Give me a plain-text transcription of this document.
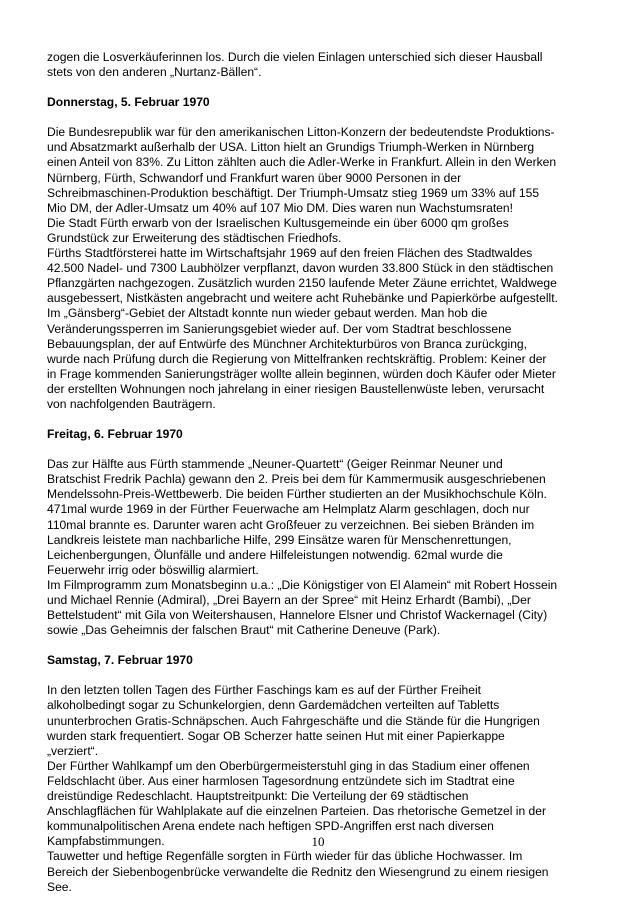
zogen die Losverkäuferinnen los. Durch die vielen Einlagen unterschied sich dieser Hausball
stets von den anderen „Nurtanz-Bällen“.

Donnerstag, 5. Februar 1970

Die Bundesrepublik war für den amerikanischen Litton-Konzern der bedeutendste Produktions-
und Absatzmarkt außerhalb der USA. Litton hielt an Grundigs Triumph-Werken in Nürnberg
einen Anteil von 83%. Zu Litton zählten auch die Adler-Werke in Frankfurt. Allein in den Werken
Nürnberg, Fürth, Schwandorf und Frankfurt waren über 9000 Personen in der
Schreibmaschinen-Produktion beschäftigt. Der Triumph-Umsatz stieg 1969 um 33% auf 155
Mio DM, der Adler-Umsatz um 40% auf 107 Mio DM. Dies waren nun Wachstumsraten!
Die Stadt Fürth erwarb von der Israelischen Kultusgemeinde ein über 6000 qm großes
Grundstück zur Erweiterung des städtischen Friedhofs.
Fürths Stadtförsterei hatte im Wirtschaftsjahr 1969 auf den freien Flächen des Stadtwaldes
42.500 Nadel- und 7300 Laubhölzer verpflanzt, davon wurden 33.800 Stück in den städtischen
Pflanzgärten nachgezogen. Zusätzlich wurden 2150 laufende Meter Zäune errichtet, Waldwege
ausgebessert, Nistkästen angebracht und weitere acht Ruhebänke und Papierkörbe aufgestellt.
Im „Gänsberg“-Gebiet der Altstadt konnte nun wieder gebaut werden. Man hob die
Veränderungssperren im Sanierungsgebiet wieder auf. Der vom Stadtrat beschlossene
Bebauungsplan, der auf Entwürfe des Münchner Architekturbüros von Branca zurückging,
wurde nach Prüfung durch die Regierung von Mittelfranken rechtskräftig. Problem: Keiner der
in Frage kommenden Sanierungsträger wollte allein beginnen, würden doch Käufer oder Mieter
der erstellten Wohnungen noch jahrelang in einer riesigen Baustellenwüste leben, verursacht
von nachfolgenden Bauträgern.

Freitag, 6. Februar 1970

Das zur Hälfte aus Fürth stammende „Neuner-Quartett“ (Geiger Reinmar Neuner und
Bratschist Fredrik Pachla) gewann den 2. Preis bei dem für Kammermusik ausgeschriebenen
Mendelssohn-Preis-Wettbewerb. Die beiden Fürther studierten an der Musikhochschule Köln.
471mal wurde 1969 in der Fürther Feuerwache am Helmplatz Alarm geschlagen, doch nur
110mal brannte es. Darunter waren acht Großfeuer zu verzeichnen. Bei sieben Bränden im
Landkreis leistete man nachbarliche Hilfe, 299 Einsätze waren für Menschenrettungen,
Leichenbergungen, Ölunfälle und andere Hilfeleistungen notwendig. 62mal wurde die
Feuerwehr irrig oder böswillig alarmiert.
Im Filmprogramm zum Monatsbeginn u.a.: „Die Königstiger von El Alamein“ mit Robert Hossein
und Michael Rennie (Admiral), „Drei Bayern an der Spree“ mit Heinz Erhardt (Bambi), „Der
Bettelstudent“ mit Gila von Weitershausen, Hannelore Elsner und Christof Wackernagel (City)
sowie „Das Geheimnis der falschen Braut“ mit Catherine Deneuve (Park).

Samstag, 7. Februar 1970

In den letzten tollen Tagen des Fürther Faschings kam es auf der Fürther Freiheit
alkoholbedingt sogar zu Schunkelorgien, denn Gardemädchen verteilten auf Tabletts
ununterbrochen Gratis-Schnäpschen. Auch Fahrgeschäfte und die Stände für die Hungrigen
wurden stark frequentiert. Sogar OB Scherzer hatte seinen Hut mit einer Papierkappe
„verziert“.
Der Fürther Wahlkampf um den Oberbürgermeisterstuhl ging in das Stadium einer offenen
Feldschlacht über. Aus einer harmlosen Tagesordnung entzündete sich im Stadtrat eine
dreistündige Redeschlacht. Hauptstreitpunkt: Die Verteilung der 69 städtischen
Anschlagflächen für Wahlplakate auf die einzelnen Parteien. Das rhetorische Gemetzel in der
kommunalpolitischen Arena endete nach heftigen SPD-Angriffen erst nach diversen
Kampfabstimmungen.
Tauwetter und heftige Regenfälle sorgten in Fürth wieder für das übliche Hochwasser. Im
Bereich der Siebenbogenbrücke verwandelte die Rednitz den Wiesengrund zu einem riesigen
See.

10
